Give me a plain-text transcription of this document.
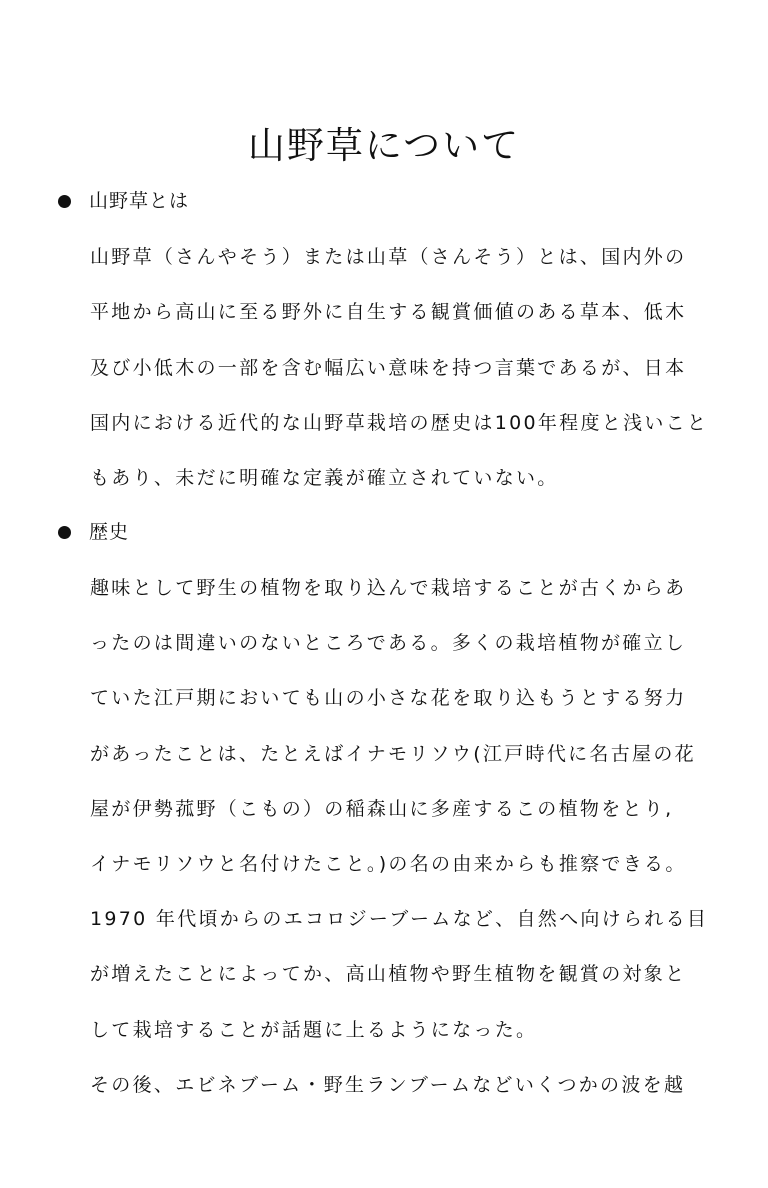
山野草について
山野草とは
山野草（さんやそう）または山草（さんそう）とは、国内外の
平地から高山に至る野外に自生する観賞価値のある草本、低木
及び小低木の一部を含む幅広い意味を持つ言葉であるが、日本
国内における近代的な山野草栽培の歴史は100年程度と浅いこと
もあり、未だに明確な定義が確立されていない。
歴史
趣味として野生の植物を取り込んで栽培することが古くからあ
ったのは間違いのないところである。多くの栽培植物が確立し
ていた江戸期においても山の小さな花を取り込もうとする努力
があったことは、たとえばイナモリソウ(江戸時代に名古屋の花
屋が伊勢菰野（こもの）の稲森山に多産するこの植物をとり,
イナモリソウと名付けたこと。)の名の由来からも推察できる。
1970 年代頃からのエコロジーブームなど、自然へ向けられる目
が増えたことによってか、高山植物や野生植物を観賞の対象と
して栽培することが話題に上るようになった。
その後、エビネブーム・野生ランブームなどいくつかの波を越
